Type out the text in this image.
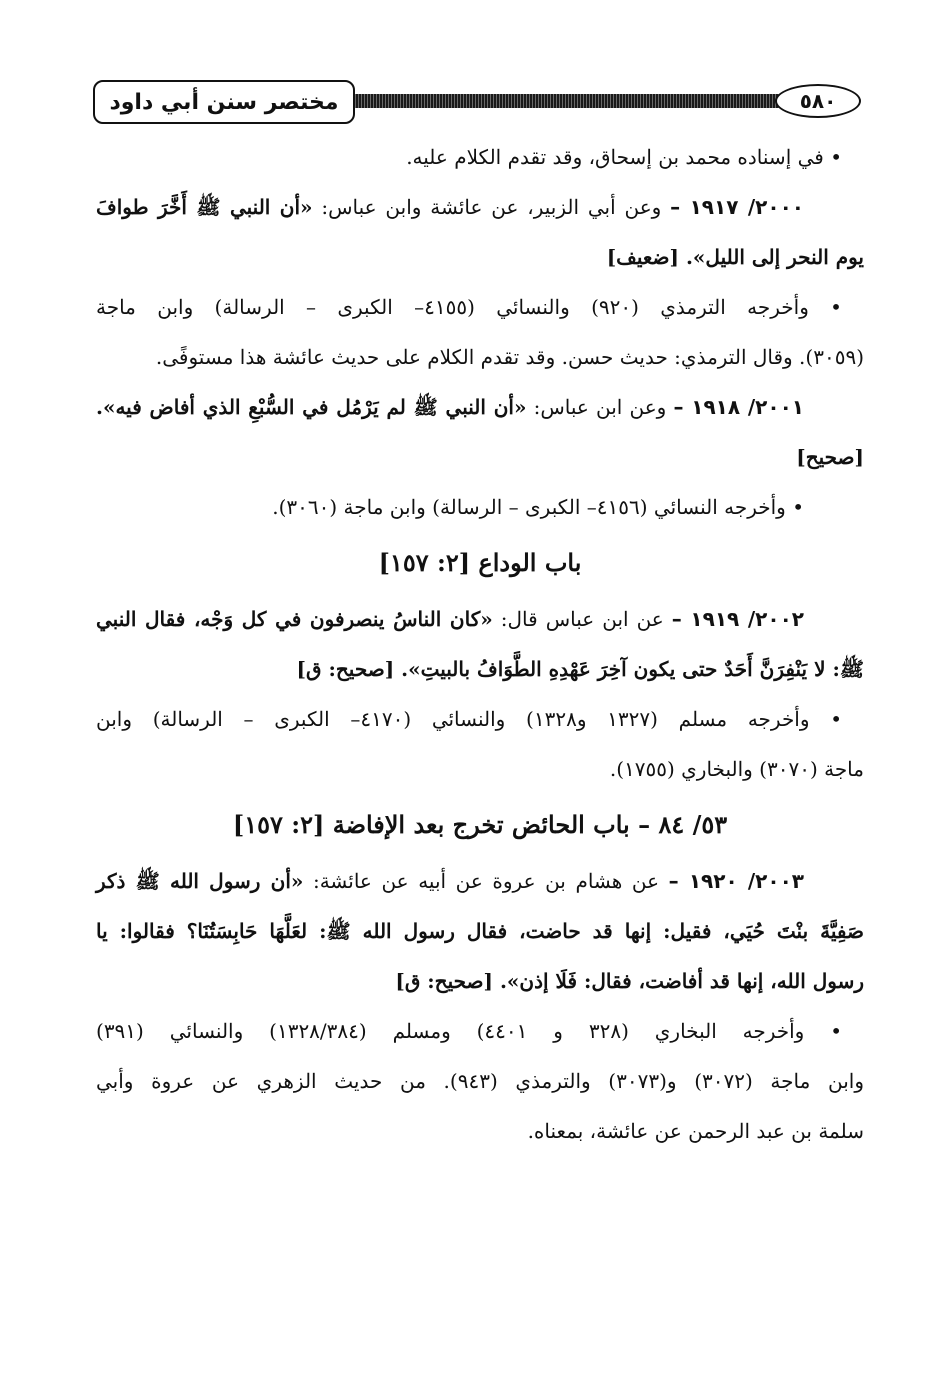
مختصر سنن أبي داود	٥٨٠

• في إسناده محمد بن إسحاق، وقد تقدم الكلام عليه.

٢٠٠٠/ ١٩١٧ – وعن أبي الزبير، عن عائشة وابن عباس: «أن النبي ﷺ أَخَّرَ طوافَ

يوم النحر إلى الليل». [ضعيف]

• وأخرجه الترمذي (٩٢٠) والنسائي (٤١٥٥– الكبرى – الرسالة) وابن ماجة

(٣٠٥٩). وقال الترمذي: حديث حسن. وقد تقدم الكلام على حديث عائشة هذا مستوفًى.

٢٠٠١/ ١٩١٨ – وعن ابن عباس: «أن النبي ﷺ لم يَرْمُل في السُّبْعِ الذي أفاض فيه».

[صحيح]

• وأخرجه النسائي (٤١٥٦– الكبرى – الرسالة) وابن ماجة (٣٠٦٠).

باب الوداع [٢: ١٥٧]

٢٠٠٢/ ١٩١٩ – عن ابن عباس قال: «كان الناسُ ينصرفون في كل وَجْه، فقال النبي

ﷺ: لا يَنْفِرَنَّ أَحَدٌ حتى يكون آخِرَ عَهْدِهِ الطَّوَافُ بالبيتِ». [صحيح: ق]

• وأخرجه مسلم (١٣٢٧ و١٣٢٨) والنسائي (٤١٧٠– الكبرى – الرسالة) وابن

ماجة (٣٠٧٠) والبخاري (١٧٥٥).

٥٣/ ٨٤ – باب الحائض تخرج بعد الإفاضة [٢: ١٥٧]

٢٠٠٣/ ١٩٢٠ – عن هشام بن عروة عن أبيه عن عائشة: «أن رسول الله ﷺ ذكر

صَفِيَّةَ بنْتَ حُيَي، فقيل: إنها قد حاضت، فقال رسول الله ﷺ: لعَلَّهَا حَابِسَتُنَا؟ فقالوا: يا

رسول الله، إنها قد أفاضت، فقال: فَلَا إذن». [صحيح: ق]

• وأخرجه البخاري (٣٢٨ و ٤٤٠١) ومسلم (١٣٢٨/٣٨٤) والنسائي (٣٩١)

وابن ماجة (٣٠٧٢) و(٣٠٧٣) والترمذي (٩٤٣). من حديث الزهري عن عروة وأبي

سلمة بن عبد الرحمن عن عائشة، بمعناه.
